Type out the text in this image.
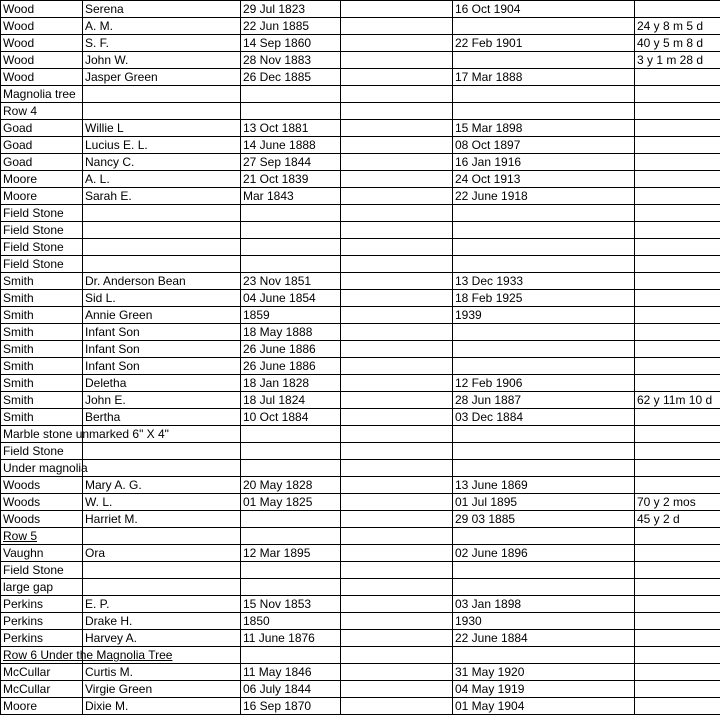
Wood	Serena	29 Jul 1823		16 Oct 1904	
Wood	A. M.	22 Jun 1885			24 y 8 m 5 d
Wood	S. F.	14 Sep 1860		22 Feb 1901	40 y 5 m 8 d
Wood	John W.	28 Nov 1883			3 y 1 m 28 d
Wood	Jasper Green	26 Dec 1885		17 Mar 1888	
Magnolia tree					
Row 4					
Goad	Willie L	13 Oct 1881		15 Mar 1898	
Goad	Lucius E. L.	14 June 1888		08 Oct 1897	
Goad	Nancy C.	27 Sep 1844		16 Jan 1916	
Moore	A. L.	21 Oct 1839		24 Oct 1913	
Moore	Sarah E.	Mar 1843		22 June 1918	
Field Stone					
Field Stone					
Field Stone					
Field Stone					
Smith	Dr. Anderson Bean	23 Nov 1851		13 Dec 1933	
Smith	Sid L.	04 June 1854		18 Feb 1925	
Smith	Annie Green	1859		1939	
Smith	Infant Son	18 May 1888			
Smith	Infant Son	26 June 1886			
Smith	Infant Son	26 June 1886			
Smith	Deletha	18 Jan 1828		12 Feb 1906	
Smith	John E.	18 Jul 1824		28 Jun 1887	62 y 11m 10 d
Smith	Bertha	10 Oct 1884		03 Dec 1884	
Marble stone unmarked 6" X 4"					
Field Stone					
Under magnolia					
Woods	Mary A. G.	20 May 1828		13 June 1869	
Woods	W. L.	01 May 1825		01 Jul 1895	70 y 2 mos
Woods	Harriet M.			29 03 1885	45 y 2 d
Row 5					
Vaughn	Ora	12 Mar 1895		02 June 1896	
Field Stone					
large gap					
Perkins	E. P.	15 Nov 1853		03 Jan 1898	
Perkins	Drake H.	1850		1930	
Perkins	Harvey A.	11 June 1876		22 June 1884	
Row 6 Under the Magnolia Tree					
McCullar	Curtis M.	11 May 1846		31 May 1920	
McCullar	Virgie Green	06 July 1844		04 May 1919	
Moore	Dixie M.	16 Sep 1870		01 May 1904	
